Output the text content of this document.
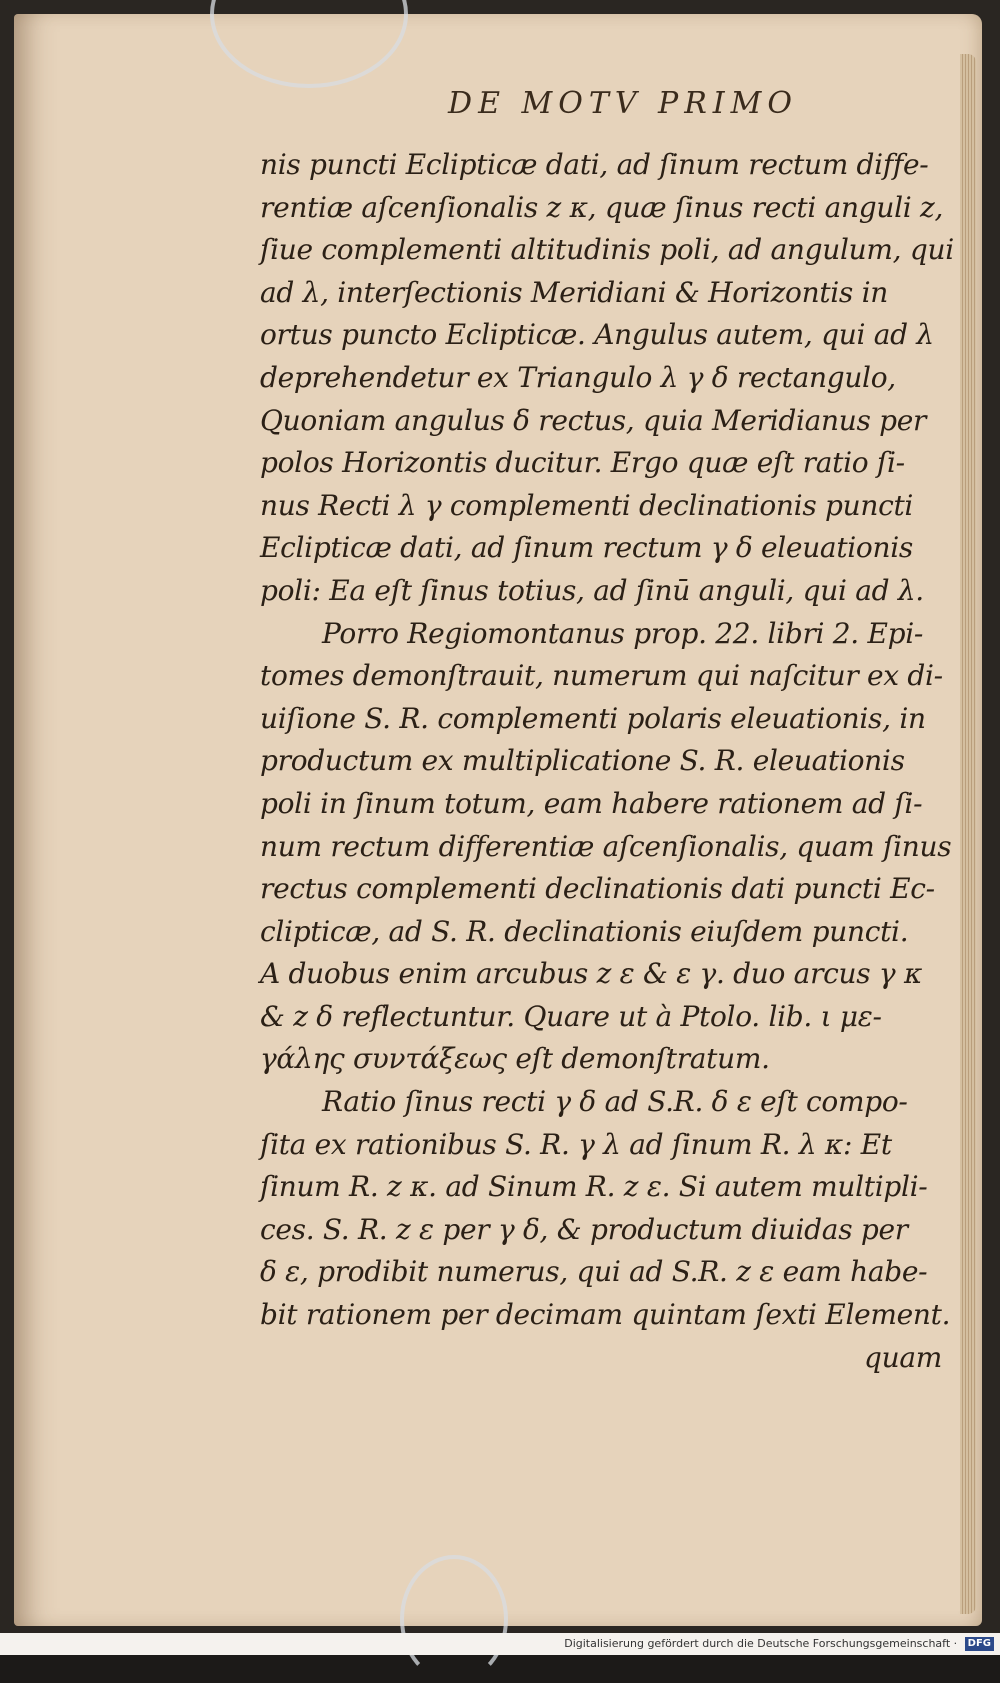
DE MOTV PRIMO
nis puncti Eclipticæ dati, ad ſinum rectum diffe-
rentiæ aſcenſionalis z κ, quæ ſinus recti anguli z,
ſiue complementi altitudinis poli, ad angulum, qui
ad λ, interſectionis Meridiani & Horizontis in
ortus puncto Eclipticæ. Angulus autem, qui ad λ
deprehendetur ex Triangulo λ γ δ rectangulo,
Quoniam angulus δ rectus, quia Meridianus per
polos Horizontis ducitur. Ergo quæ eſt ratio ſi-
nus Recti λ γ complementi declinationis puncti
Eclipticæ dati, ad ſinum rectum γ δ eleuationis
poli: Ea eſt ſinus totius, ad ſinū anguli, qui ad λ.
Porro Regiomontanus prop. 22. libri 2. Epi-
tomes demonſtrauit, numerum qui naſcitur ex di-
uiſione S. R. complementi polaris eleuationis, in
productum ex multiplicatione S. R. eleuationis
poli in ſinum totum, eam habere rationem ad ſi-
num rectum differentiæ aſcenſionalis, quam ſinus
rectus complementi declinationis dati puncti Ec-
clipticæ, ad S. R. declinationis eiuſdem puncti.
A duobus enim arcubus z ε & ε γ. duo arcus γ κ
& z δ reflectuntur. Quare ut à Ptolo. lib. ι με-
γάλης συντάξεως eſt demonſtratum.
Ratio ſinus recti γ δ ad S.R. δ ε eſt compo-
ſita ex rationibus S. R. γ λ ad ſinum R. λ κ: Et
ſinum R. z κ. ad Sinum R. z ε. Si autem multipli-
ces. S. R. z ε per γ δ, & productum diuidas per
δ ε, prodibit numerus, qui ad S.R. z ε eam habe-
bit rationem per decimam quintam ſexti Element.
quam
Digitalisierung gefördert durch die Deutsche Forschungsgemeinschaft · DFG
